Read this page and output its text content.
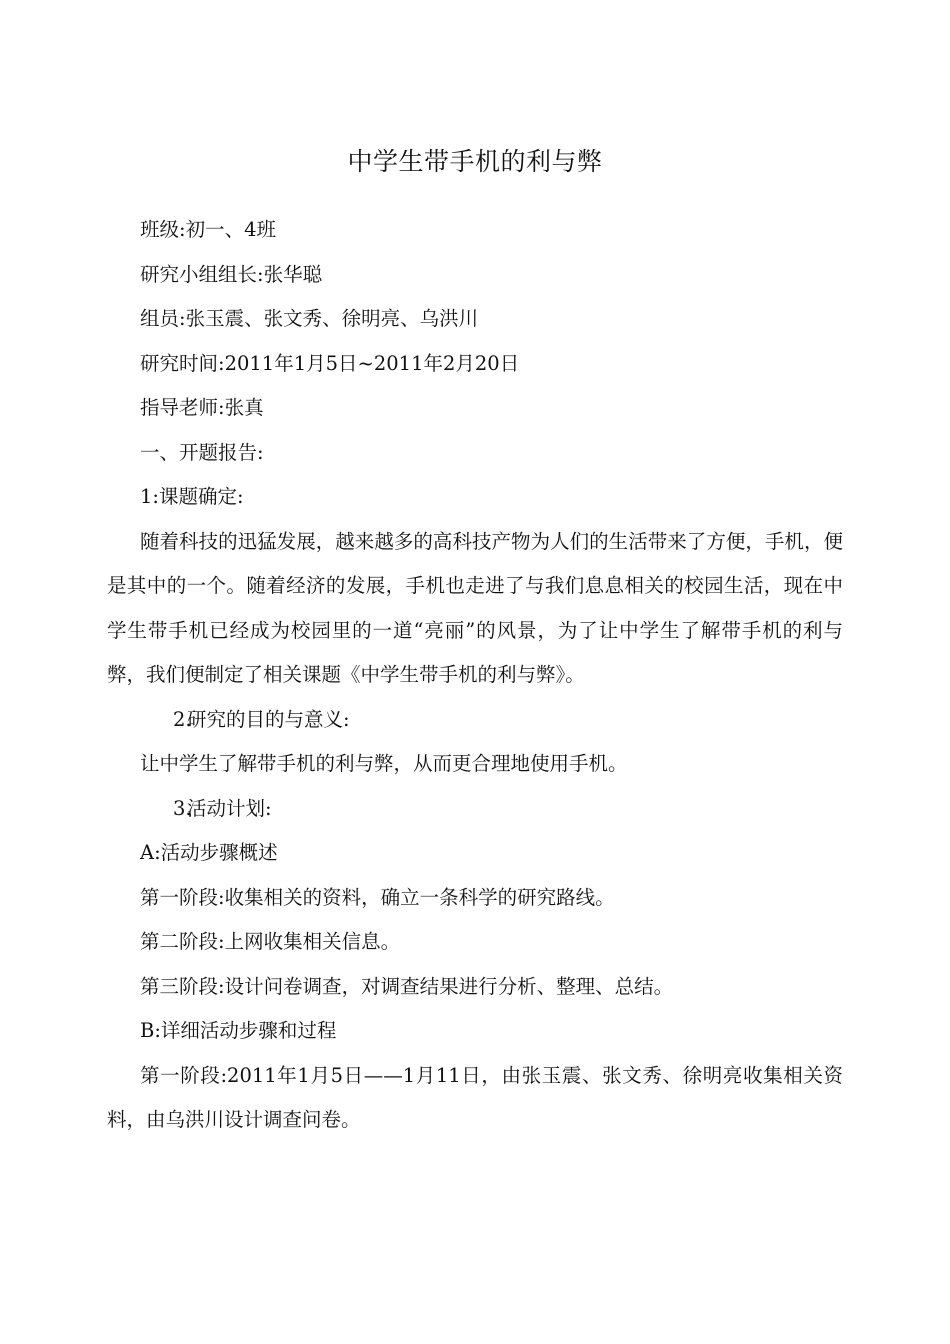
中学生带手机的利与弊

班级:初一、4班

研究小组组长:张华聪

组员:张玉震、张文秀、徐明亮、乌洪川

研究时间:2011年1月5日~2011年2月20日

指导老师:张真

一、开题报告:

1:课题确定:

随着科技的迅猛发展，越来越多的高科技产物为人们的生活带来了方便，手机，便是其中的一个。随着经济的发展，手机也走进了与我们息息相关的校园生活，现在中学生带手机已经成为校园里的一道“亮丽”的风景，为了让中学生了解带手机的利与弊，我们便制定了相关课题《中学生带手机的利与弊》。

2.研究的目的与意义:

让中学生了解带手机的利与弊，从而更合理地使用手机。

3.活动计划:

A:活动步骤概述

第一阶段:收集相关的资料，确立一条科学的研究路线。

第二阶段:上网收集相关信息。

第三阶段:设计问卷调查，对调查结果进行分析、整理、总结。

B:详细活动步骤和过程

第一阶段:2011年1月5日——1月11日，由张玉震、张文秀、徐明亮收集相关资料，由乌洪川设计调查问卷。
